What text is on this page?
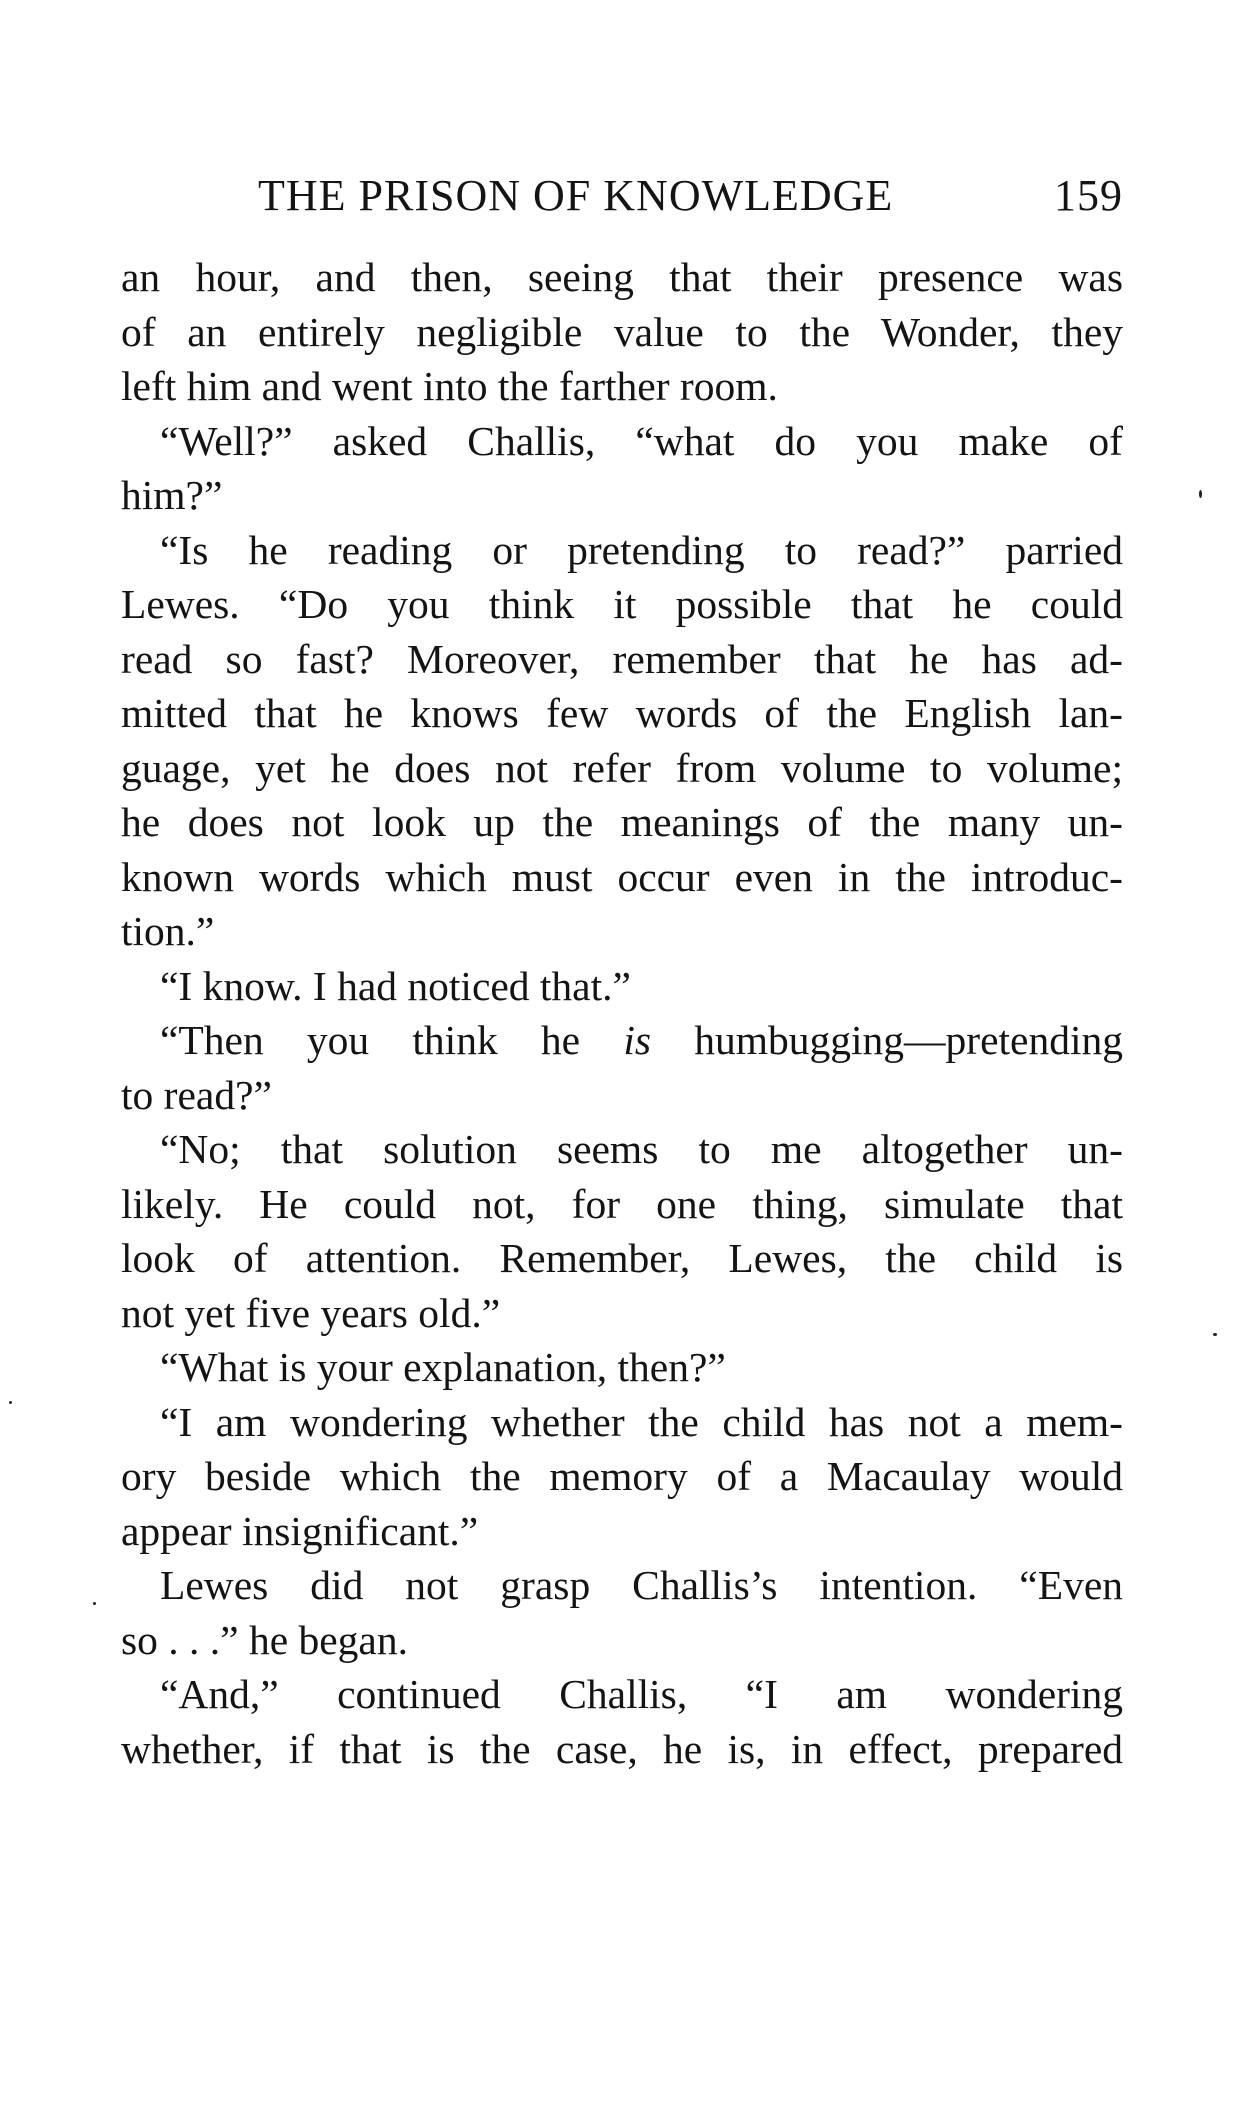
THE PRISON OF KNOWLEDGE	159
an hour, and then, seeing that their presence was
of an entirely negligible value to the Wonder, they
left him and went into the farther room.
“Well?” asked Challis, “what do you make of
him?”
“Is he reading or pretending to read?” parried
Lewes. “Do you think it possible that he could
read so fast? Moreover, remember that he has ad-
mitted that he knows few words of the English lan-
guage, yet he does not refer from volume to volume;
he does not look up the meanings of the many un-
known words which must occur even in the introduc-
tion.”
“I know. I had noticed that.”
“Then you think he is humbugging—pretending
to read?”
“No; that solution seems to me altogether un-
likely. He could not, for one thing, simulate that
look of attention. Remember, Lewes, the child is
not yet five years old.”
“What is your explanation, then?”
“I am wondering whether the child has not a mem-
ory beside which the memory of a Macaulay would
appear insignificant.”
Lewes did not grasp Challis’s intention. “Even
so . . .” he began.
“And,” continued Challis, “I am wondering
whether, if that is the case, he is, in effect, prepared
